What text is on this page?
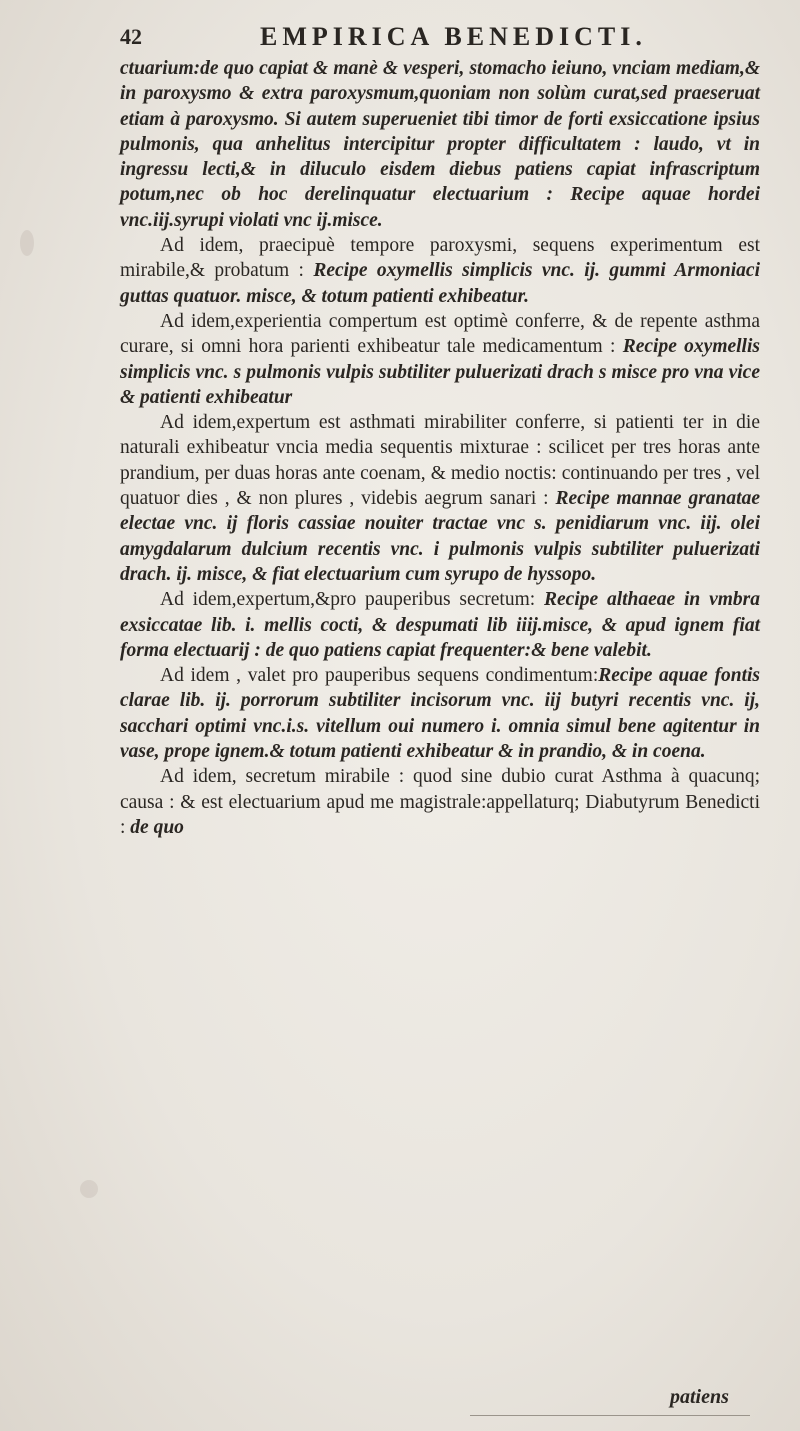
42	EMPIRICA BENEDICTI.

ctuarium:de quo capiat & manè & vesperi, stomacho ieiuno, vnciam mediam,& in paroxysmo & extra paroxysmum,quoniam non solùm curat,sed praeseruat etiam à paroxysmo. Si autem superueniet tibi timor de forti exsiccatione ipsius pulmonis, qua anhelitus intercipitur propter difficultatem : laudo, vt in ingressu lecti,& in diluculo eisdem diebus patiens capiat infrascriptum potum,nec ob hoc derelinquatur electuarium : Recipe aquae hordei vnc.iij.syrupi violati vnc ij.misce.

Ad idem, praecipuè tempore paroxysmi, sequens experimentum est mirabile,& probatum : Recipe oxymellis simplicis vnc. ij. gummi Armoniaci guttas quatuor. misce, & totum patienti exhibeatur.

Ad idem,experientia compertum est optimè conferre, & de repente asthma curare, si omni hora parienti exhibeatur tale medicamentum : Recipe oxymellis simplicis vnc. s pulmonis vulpis subtiliter puluerizati drach s misce pro vna vice & patienti exhibeatur

Ad idem,expertum est asthmati mirabiliter conferre, si patienti ter in die naturali exhibeatur vncia media sequentis mixturae : scilicet per tres horas ante prandium, per duas horas ante coenam, & medio noctis: continuando per tres , vel quatuor dies , & non plures , videbis aegrum sanari : Recipe mannae granatae electae vnc. ij floris cassiae nouiter tractae vnc s. penidiarum vnc. iij. olei amygdalarum dulcium recentis vnc. i pulmonis vulpis subtiliter puluerizati drach. ij. misce, & fiat electuarium cum syrupo de hyssopo.

Ad idem,expertum,&pro pauperibus secretum: Recipe althaeae in vmbra exsiccatae lib. i. mellis cocti, & despumati lib iiij.misce, & apud ignem fiat forma electuarij : de quo patiens capiat frequenter:& bene valebit.

Ad idem , valet pro pauperibus sequens condimentum:Recipe aquae fontis clarae lib. ij. porrorum subtiliter incisorum vnc. iij butyri recentis vnc. ij, sacchari optimi vnc.i.s. vitellum oui numero i. omnia simul bene agitentur in vase, prope ignem.& totum patienti exhibeatur & in prandio, & in coena.

Ad idem, secretum mirabile : quod sine dubio curat Asthma à quacunq; causa : & est electuarium apud me magistrale:appellaturq; Diabutyrum Benedicti : de quo

patiens
